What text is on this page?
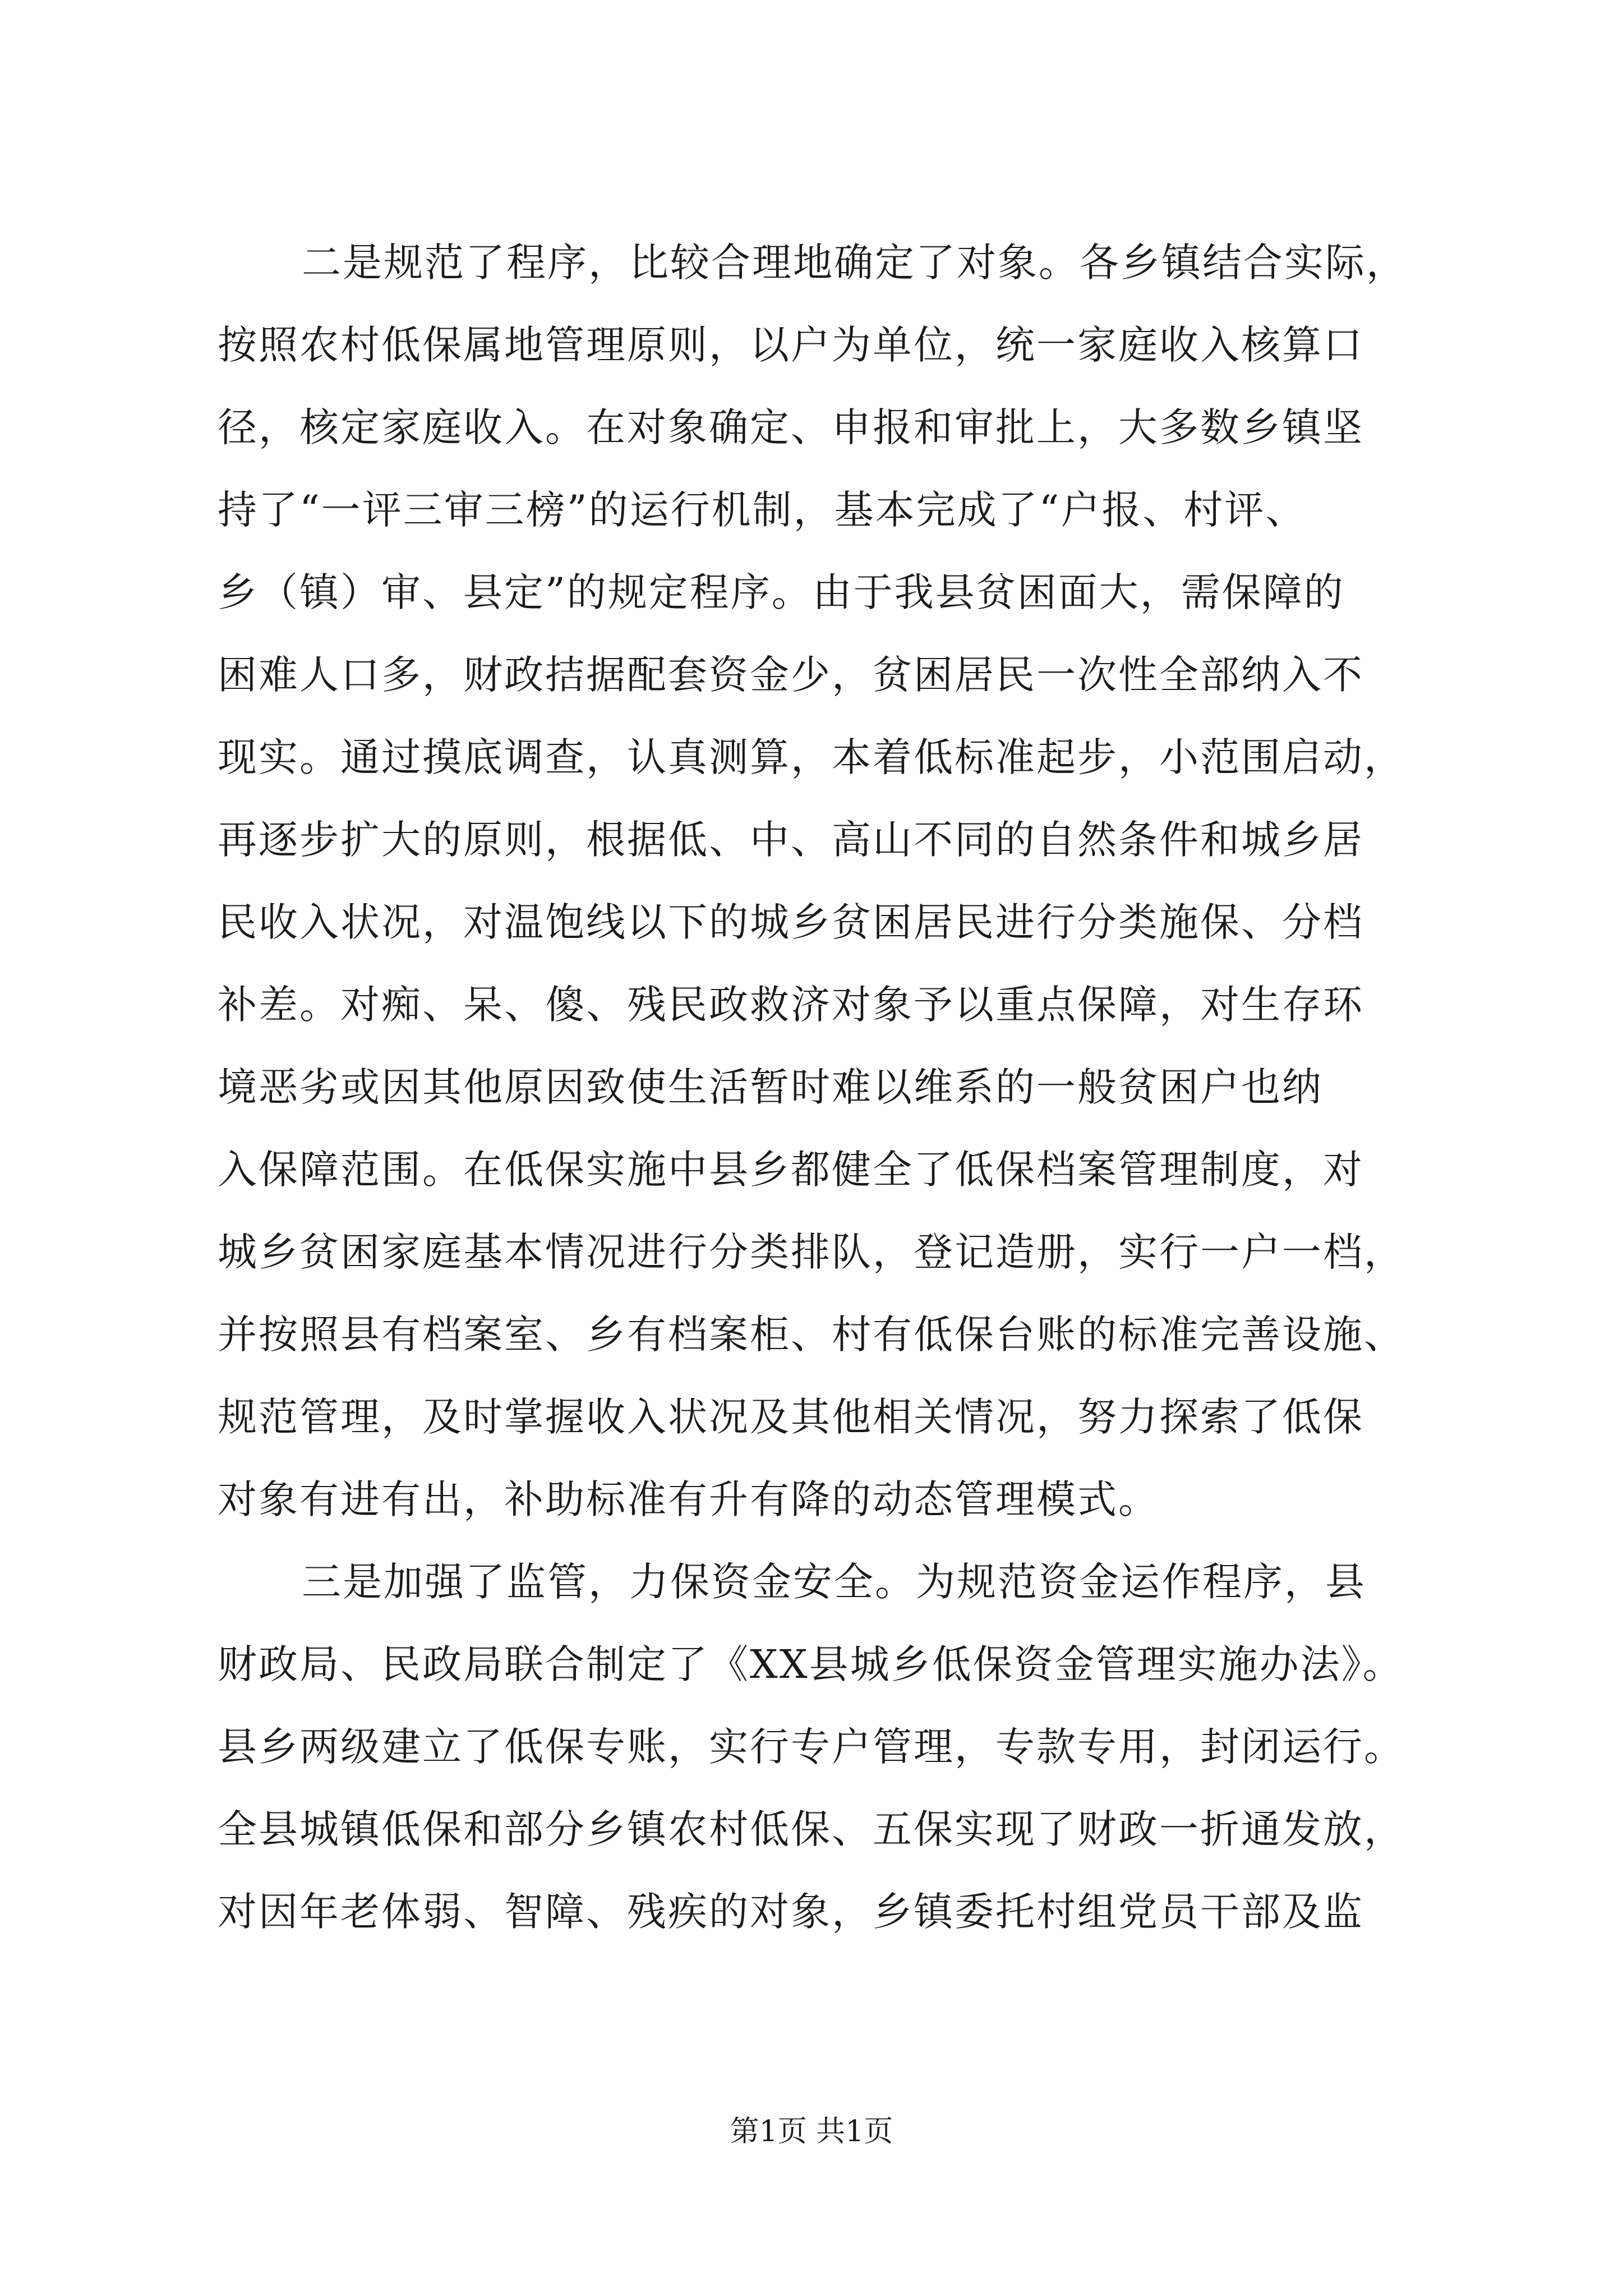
二是规范了程序，比较合理地确定了对象。各乡镇结合实际，
按照农村低保属地管理原则，以户为单位，统一家庭收入核算口
径，核定家庭收入。在对象确定、申报和审批上，大多数乡镇坚
持了“一评三审三榜”的运行机制，基本完成了“户报、村评、
乡（镇）审、县定”的规定程序。由于我县贫困面大，需保障的
困难人口多，财政拮据配套资金少，贫困居民一次性全部纳入不
现实。通过摸底调查，认真测算，本着低标准起步，小范围启动，
再逐步扩大的原则，根据低、中、高山不同的自然条件和城乡居
民收入状况，对温饱线以下的城乡贫困居民进行分类施保、分档
补差。对痴、呆、傻、残民政救济对象予以重点保障，对生存环
境恶劣或因其他原因致使生活暂时难以维系的一般贫困户也纳
入保障范围。在低保实施中县乡都健全了低保档案管理制度，对
城乡贫困家庭基本情况进行分类排队，登记造册，实行一户一档，
并按照县有档案室、乡有档案柜、村有低保台账的标准完善设施、
规范管理，及时掌握收入状况及其他相关情况，努力探索了低保
对象有进有出，补助标准有升有降的动态管理模式。
三是加强了监管，力保资金安全。为规范资金运作程序，县
财政局、民政局联合制定了《XX县城乡低保资金管理实施办法》。
县乡两级建立了低保专账，实行专户管理，专款专用，封闭运行。
全县城镇低保和部分乡镇农村低保、五保实现了财政一折通发放，
对因年老体弱、智障、残疾的对象，乡镇委托村组党员干部及监
第1页 共1页
